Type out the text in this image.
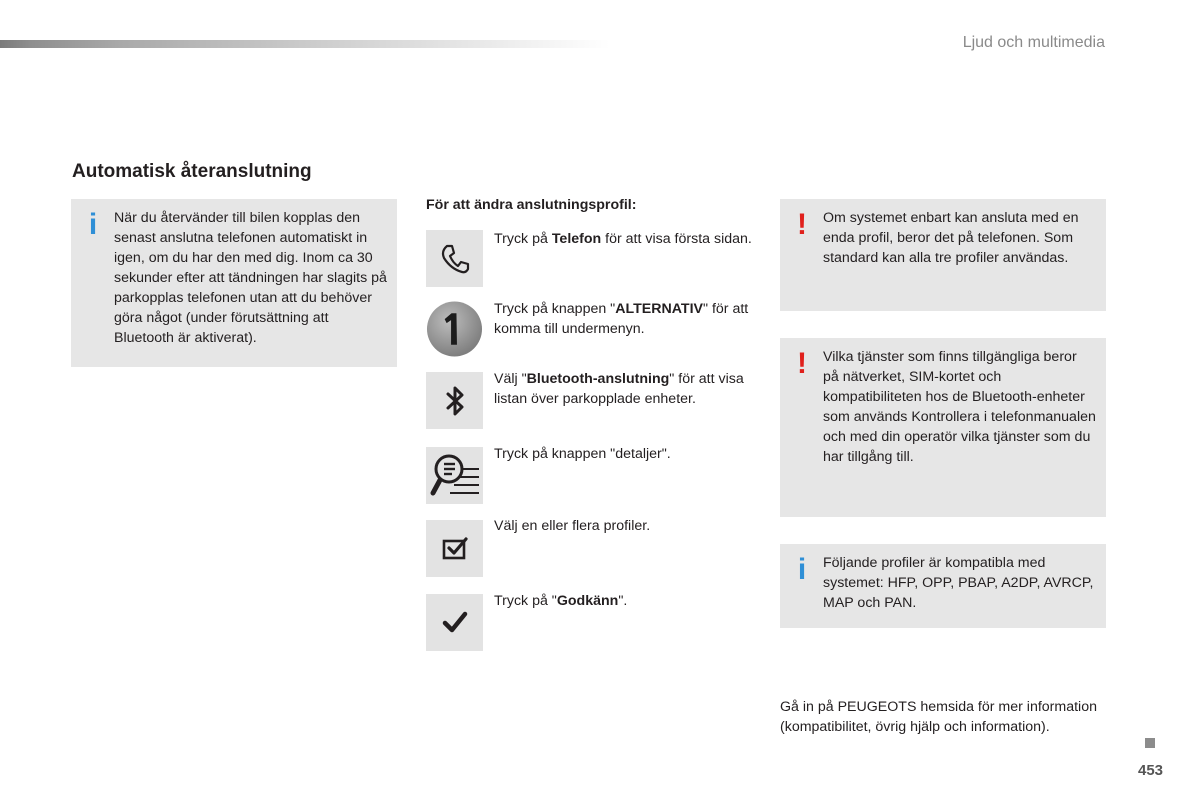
Ljud och multimedia
Automatisk återanslutning
i När du återvänder till bilen kopplas den senast anslutna telefonen automatiskt in igen, om du har den med dig. Inom ca 30 sekunder efter att tändningen har slagits på parkopplas telefonen utan att du behöver göra något (under förutsättning att Bluetooth är aktiverat).
För att ändra anslutningsprofil:
Tryck på Telefon för att visa första sidan.
Tryck på knappen "ALTERNATIV" för att komma till undermenyn.
Välj "Bluetooth-anslutning" för att visa listan över parkopplade enheter.
Tryck på knappen "detaljer".
Välj en eller flera profiler.
Tryck på "Godkänn".
! Om systemet enbart kan ansluta med en enda profil, beror det på telefonen. Som standard kan alla tre profiler användas.
! Vilka tjänster som finns tillgängliga beror på nätverket, SIM-kortet och kompatibiliteten hos de Bluetooth-enheter som används Kontrollera i telefonmanualen och med din operatör vilka tjänster som du har tillgång till.
i Följande profiler är kompatibla med systemet: HFP, OPP, PBAP, A2DP, AVRCP, MAP och PAN.
Gå in på PEUGEOTS hemsida för mer information (kompatibilitet, övrig hjälp och information).
453
